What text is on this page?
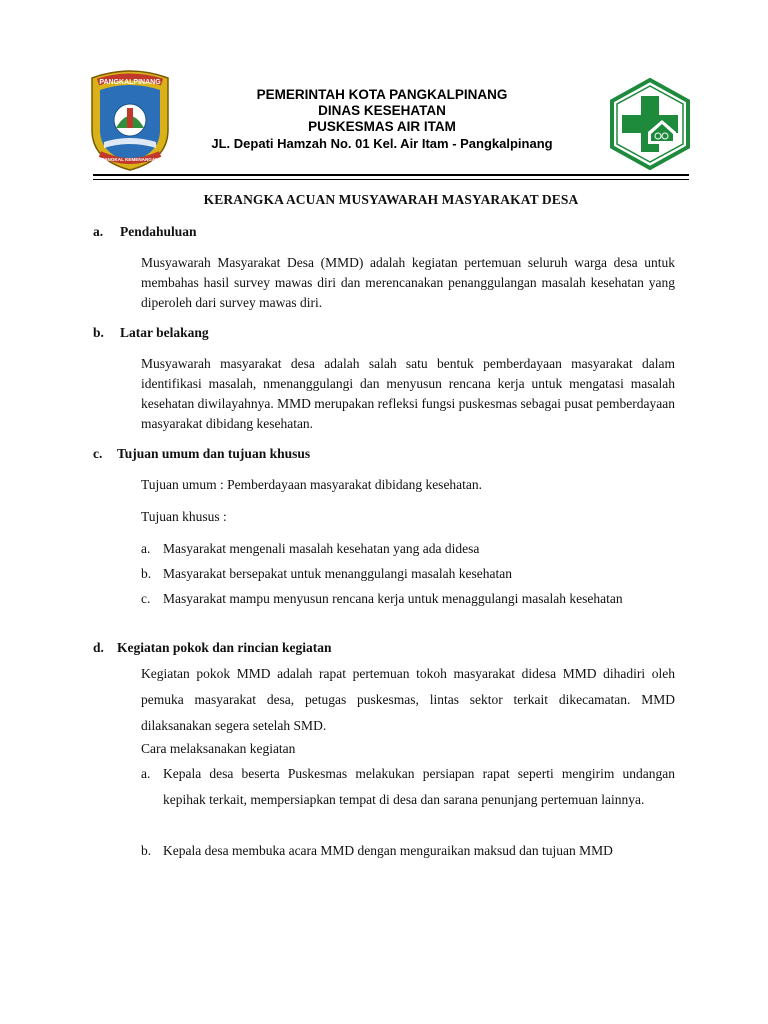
PANGKALPINANG
PANGKAL KEMENANGAN
PEMERINTAH KOTA PANGKALPINANG
DINAS KESEHATAN
PUSKESMAS AIR ITAM
JL. Depati Hamzah No. 01 Kel. Air Itam - Pangkalpinang
KERANGKA ACUAN MUSYAWARAH MASYARAKAT DESA
a. Pendahuluan
Musyawarah Masyarakat Desa (MMD) adalah kegiatan pertemuan seluruh warga desa untuk membahas hasil survey mawas diri dan merencanakan penanggulangan masalah kesehatan yang diperoleh dari survey mawas diri.
b. Latar belakang
Musyawarah masyarakat desa adalah salah satu bentuk pemberdayaan masyarakat dalam identifikasi masalah, nmenanggulangi dan menyusun rencana kerja untuk mengatasi masalah kesehatan diwilayahnya. MMD merupakan refleksi fungsi puskesmas sebagai pusat pemberdayaan masyarakat dibidang kesehatan.
c. Tujuan umum dan tujuan khusus
Tujuan umum : Pemberdayaan masyarakat dibidang kesehatan.
Tujuan khusus :
a. Masyarakat mengenali masalah kesehatan yang ada didesa
b. Masyarakat bersepakat untuk menanggulangi masalah kesehatan
c. Masyarakat mampu menyusun rencana kerja untuk menaggulangi masalah kesehatan
d. Kegiatan pokok dan rincian kegiatan
Kegiatan pokok MMD adalah rapat pertemuan tokoh masyarakat didesa MMD dihadiri oleh pemuka masyarakat desa, petugas puskesmas, lintas sektor terkait dikecamatan. MMD dilaksanakan segera setelah SMD.
Cara melaksanakan kegiatan
a. Kepala desa beserta Puskesmas melakukan persiapan rapat seperti mengirim undangan kepihak terkait, mempersiapkan tempat di desa dan sarana penunjang pertemuan lainnya.
b. Kepala desa membuka acara MMD dengan menguraikan maksud dan tujuan MMD
